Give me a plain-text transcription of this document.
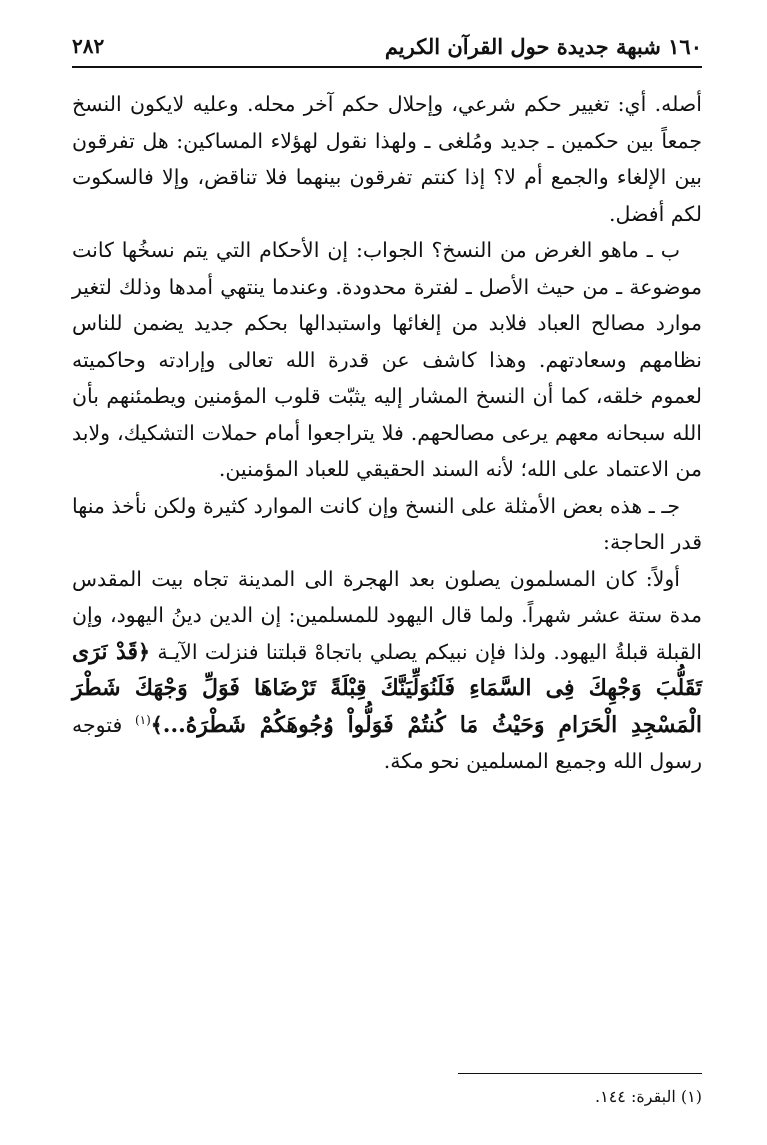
١٦٠ شبهة جديدة حول القرآن الكريم
٢٨٢

أصله. أي: تغيير حكم شرعي، وإحلال حكم آخر محله. وعليه لايكون النسخ جمعاً بين حكمين ـ جديد ومُلغى ـ ولهذا نقول لهؤلاء المساكين: هل تفرقون بين الإلغاء والجمع أم لا؟ إذا كنتم تفرقون بينهما فلا تناقض، وإلا فالسكوت لكم أفضل.

ب ـ ماهو الغرض من النسخ؟ الجواب: إن الأحكام التي يتم نسخُها كانت موضوعة ـ من حيث الأصل ـ لفترة محدودة. وعندما ينتهي أمدها وذلك لتغير موارد مصالح العباد فلابد من إلغائها واستبدالها بحكم جديد يضمن للناس نظامهم وسعادتهم. وهذا كاشف عن قدرة الله تعالى وإرادته وحاكميته لعموم خلقه، كما أن النسخ المشار إليه يثبّت قلوب المؤمنين ويطمئنهم بأن الله سبحانه معهم يرعى مصالحهم. فلا يتراجعوا أمام حملات التشكيك، ولابد من الاعتماد على الله؛ لأنه السند الحقيقي للعباد المؤمنين.

جـ ـ هذه بعض الأمثلة على النسخ وإن كانت الموارد كثيرة ولكن نأخذ منها قدر الحاجة:

أولاً: كان المسلمون يصلون بعد الهجرة الى المدينة تجاه بيت المقدس مدة ستة عشر شهراً. ولما قال اليهود للمسلمين: إن الدين دينُ اليهود، وإن القبلة قبلةُ اليهود. ولذا فإن نبيكم يصلي باتجاهْ قبلتنا فنزلت الآيـة ﴿قَدْ نَرَى تَقَلُّبَ وَجْهِكَ فِى السَّمَاءِ فَلَنُوَلِّيَنَّكَ قِبْلَةً تَرْضَاهَا فَوَلِّ وَجْهَكَ شَطْرَ الْمَسْجِدِ الْحَرَامِ وَحَيْثُ مَا كُنتُمْ فَوَلُّواْ وُجُوهَكُمْ شَطْرَهُ...﴾$^{(١)}$ فتوجه رسول الله وجميع المسلمين نحو مكة.

(١) البقرة: ١٤٤.
